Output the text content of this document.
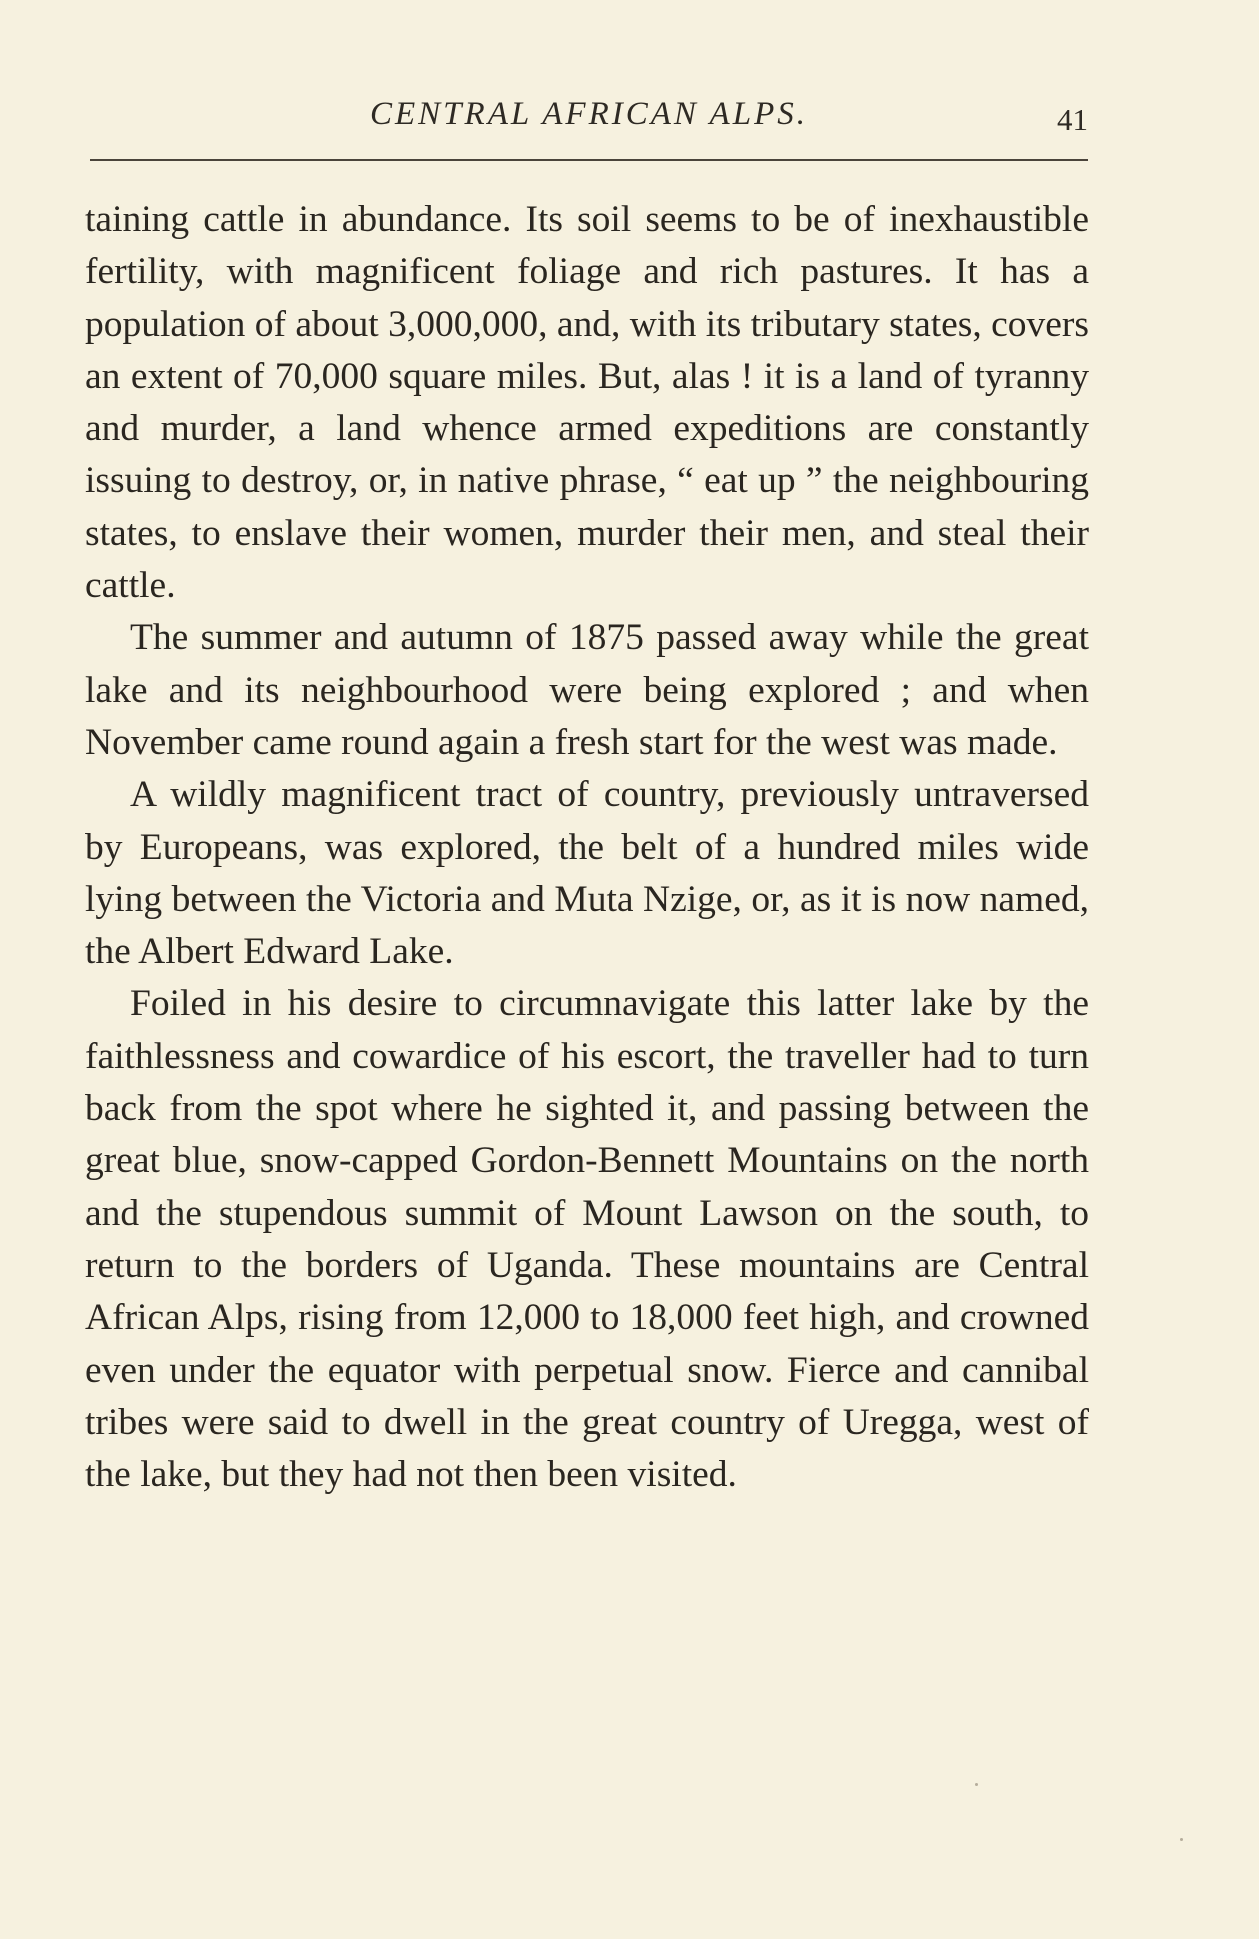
CENTRAL AFRICAN ALPS.	41

taining cattle in abundance. Its soil seems to be of inexhaustible fertility, with magnificent foliage and rich pastures. It has a population of about 3,000,000, and, with its tributary states, covers an extent of 70,000 square miles. But, alas ! it is a land of tyranny and murder, a land whence armed expeditions are constantly issuing to destroy, or, in native phrase, “ eat up ” the neighbouring states, to enslave their women, murder their men, and steal their cattle.

The summer and autumn of 1875 passed away while the great lake and its neighbourhood were being explored ; and when November came round again a fresh start for the west was made.

A wildly magnificent tract of country, previously untraversed by Europeans, was explored, the belt of a hundred miles wide lying between the Victoria and Muta Nzige, or, as it is now named, the Albert Edward Lake.

Foiled in his desire to circumnavigate this latter lake by the faithlessness and cowardice of his escort, the traveller had to turn back from the spot where he sighted it, and passing between the great blue, snow-capped Gordon-Bennett Mountains on the north and the stupendous summit of Mount Lawson on the south, to return to the borders of Uganda. These mountains are Central African Alps, rising from 12,000 to 18,000 feet high, and crowned even under the equator with perpetual snow. Fierce and cannibal tribes were said to dwell in the great country of Uregga, west of the lake, but they had not then been visited.
